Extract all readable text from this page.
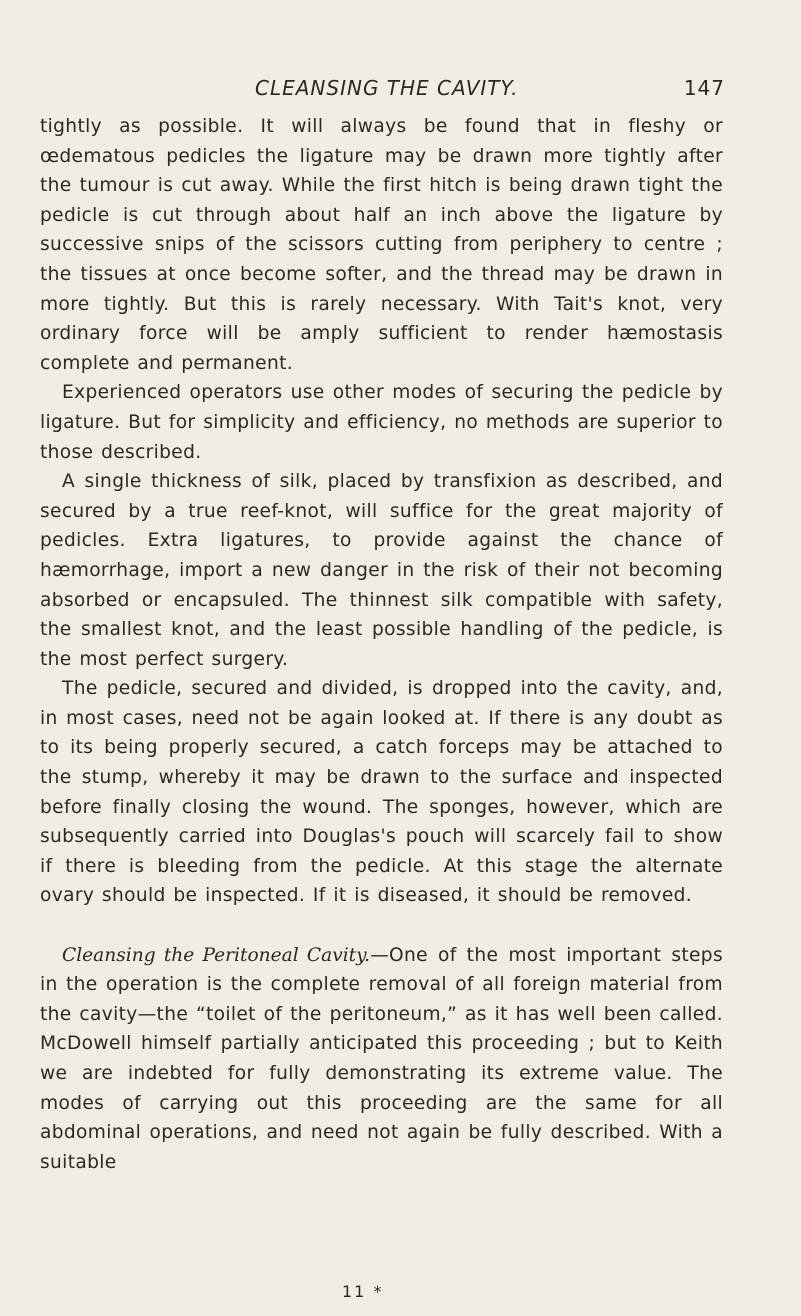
CLEANSING THE CAVITY.	147

tightly as possible. It will always be found that in fleshy or œdematous pedicles the ligature may be drawn more tightly after the tumour is cut away. While the first hitch is being drawn tight the pedicle is cut through about half an inch above the ligature by successive snips of the scissors cutting from periphery to centre ; the tissues at once become softer, and the thread may be drawn in more tightly. But this is rarely necessary. With Tait's knot, very ordinary force will be amply sufficient to render hæmostasis complete and permanent.

Experienced operators use other modes of securing the pedicle by ligature. But for simplicity and efficiency, no methods are superior to those described.

A single thickness of silk, placed by transfixion as described, and secured by a true reef-knot, will suffice for the great majority of pedicles. Extra ligatures, to provide against the chance of hæmorrhage, import a new danger in the risk of their not becoming absorbed or encapsuled. The thinnest silk compatible with safety, the smallest knot, and the least possible handling of the pedicle, is the most perfect surgery.

The pedicle, secured and divided, is dropped into the cavity, and, in most cases, need not be again looked at. If there is any doubt as to its being properly secured, a catch forceps may be attached to the stump, whereby it may be drawn to the surface and inspected before finally closing the wound. The sponges, however, which are subsequently carried into Douglas's pouch will scarcely fail to show if there is bleeding from the pedicle. At this stage the alternate ovary should be inspected. If it is diseased, it should be removed.

Cleansing the Peritoneal Cavity.—One of the most important steps in the operation is the complete removal of all foreign material from the cavity—the “toilet of the peritoneum,” as it has well been called. McDowell himself partially anticipated this proceeding ; but to Keith we are indebted for fully demonstrating its extreme value. The modes of carrying out this proceeding are the same for all abdominal operations, and need not again be fully described. With a suitable

11 *
